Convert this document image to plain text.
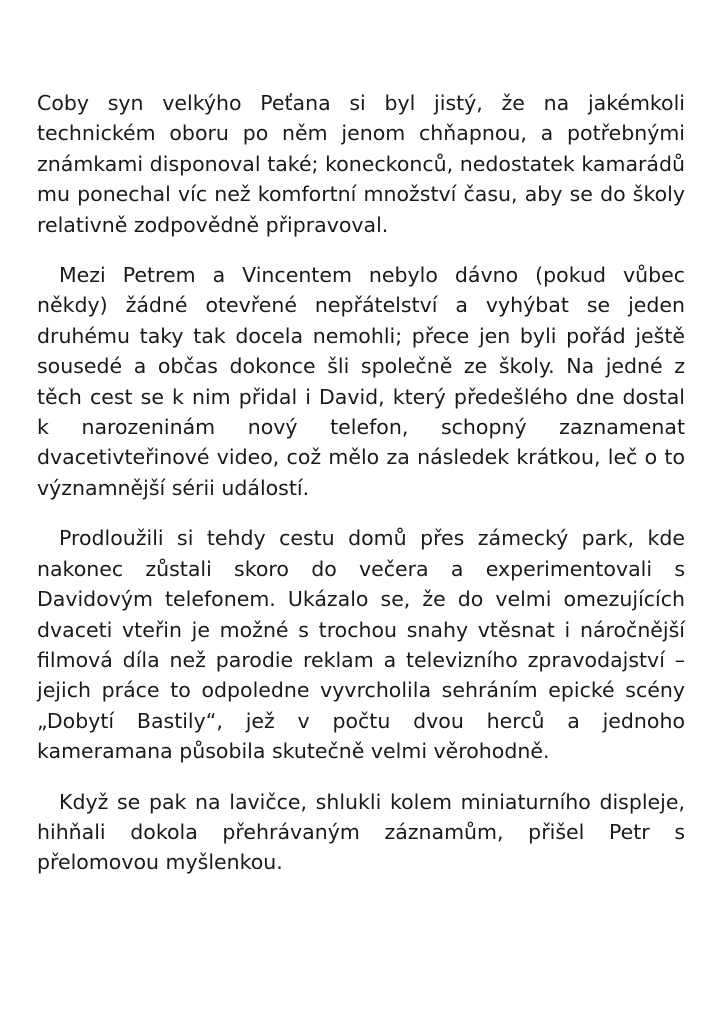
Coby syn velkýho Peťana si byl jistý, že na jakémkoli technickém oboru po něm jenom chňapnou, a potřebnými známkami disponoval také; koneckonců, nedostatek kamarádů mu ponechal víc než komfortní množství času, aby se do školy relativně zodpovědně připravoval.

Mezi Petrem a Vincentem nebylo dávno (pokud vůbec někdy) žádné otevřené nepřátelství a vyhýbat se jeden druhému taky tak docela nemohli; přece jen byli pořád ještě sousedé a občas dokonce šli společně ze školy. Na jedné z těch cest se k nim přidal i David, který předešlého dne dostal k narozeninám nový telefon, schopný zaznamenat dvacetivteřinové video, což mělo za následek krátkou, leč o to významnější sérii událostí.

Prodloužili si tehdy cestu domů přes zámecký park, kde nakonec zůstali skoro do večera a experimentovali s Davidovým telefonem. Ukázalo se, že do velmi omezujících dvaceti vteřin je možné s trochou snahy vtěsnat i náročnější filmová díla než parodie reklam a televizního zpravodajství – jejich práce to odpoledne vyvrcholila sehráním epické scény „Dobytí Bastily“, jež v počtu dvou herců a jednoho kameramana působila skutečně velmi věrohodně.

Když se pak na lavičce, shlukli kolem miniaturního displeje, hihňali dokola přehrávaným záznamům, přišel Petr s přelomovou myšlenkou.
